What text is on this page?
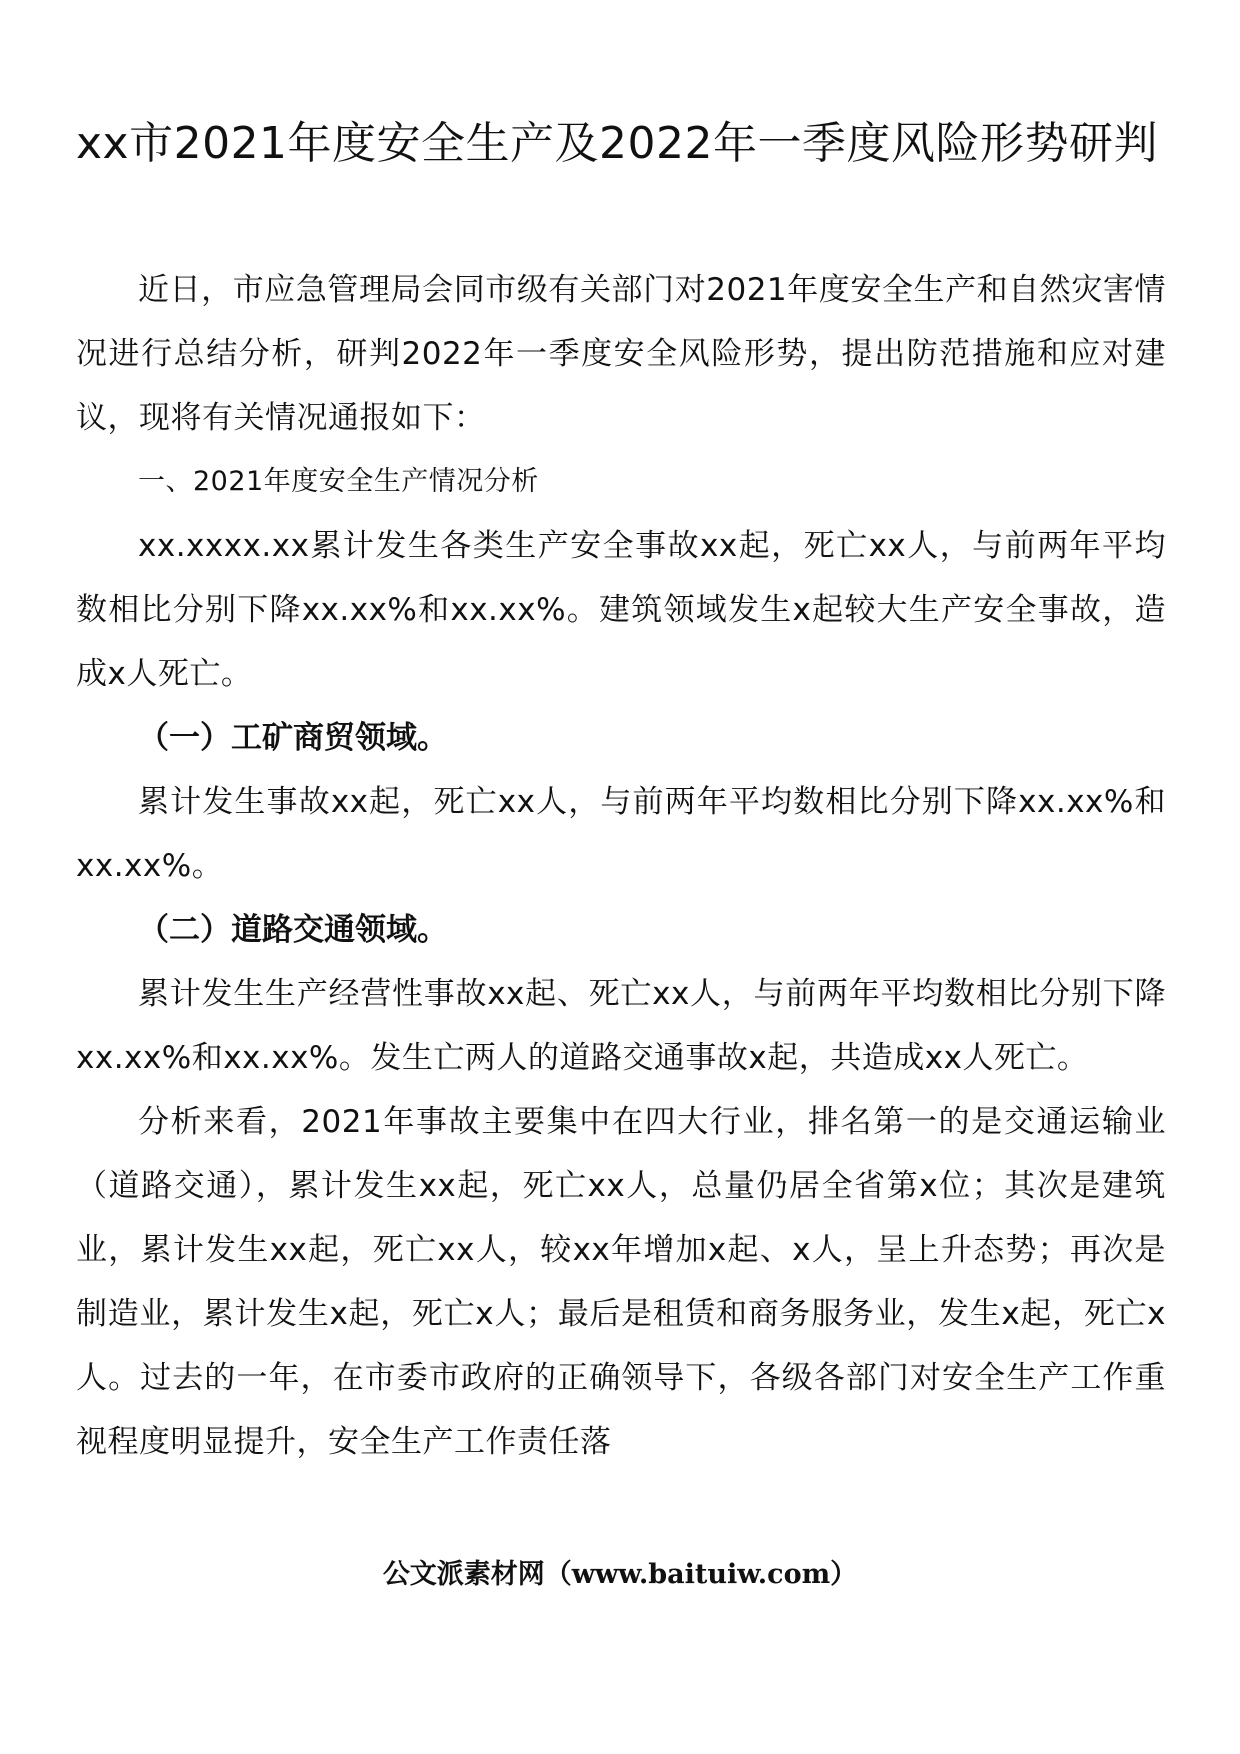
xx市2021年度安全生产及2022年一季度风险形势研判

近日，市应急管理局会同市级有关部门对2021年度安全生产和自然灾害情况进行总结分析，研判2022年一季度安全风险形势，提出防范措施和应对建议，现将有关情况通报如下：

一、2021年度安全生产情况分析

xx.xxxx.xx累计发生各类生产安全事故xx起，死亡xx人，与前两年平均数相比分别下降xx.xx%和xx.xx%。建筑领域发生x起较大生产安全事故，造成x人死亡。

（一）工矿商贸领域。

累计发生事故xx起，死亡xx人，与前两年平均数相比分别下降xx.xx%和xx.xx%。

（二）道路交通领域。

累计发生生产经营性事故xx起、死亡xx人，与前两年平均数相比分别下降xx.xx%和xx.xx%。发生亡两人的道路交通事故x起，共造成xx人死亡。

分析来看，2021年事故主要集中在四大行业，排名第一的是交通运输业（道路交通），累计发生xx起，死亡xx人，总量仍居全省第x位；其次是建筑业，累计发生xx起，死亡xx人，较xx年增加x起、x人，呈上升态势；再次是制造业，累计发生x起，死亡x人；最后是租赁和商务服务业，发生x起，死亡x人。过去的一年，在市委市政府的正确领导下，各级各部门对安全生产工作重视程度明显提升，安全生产工作责任落

公文派素材网（www.baituiw.com）
